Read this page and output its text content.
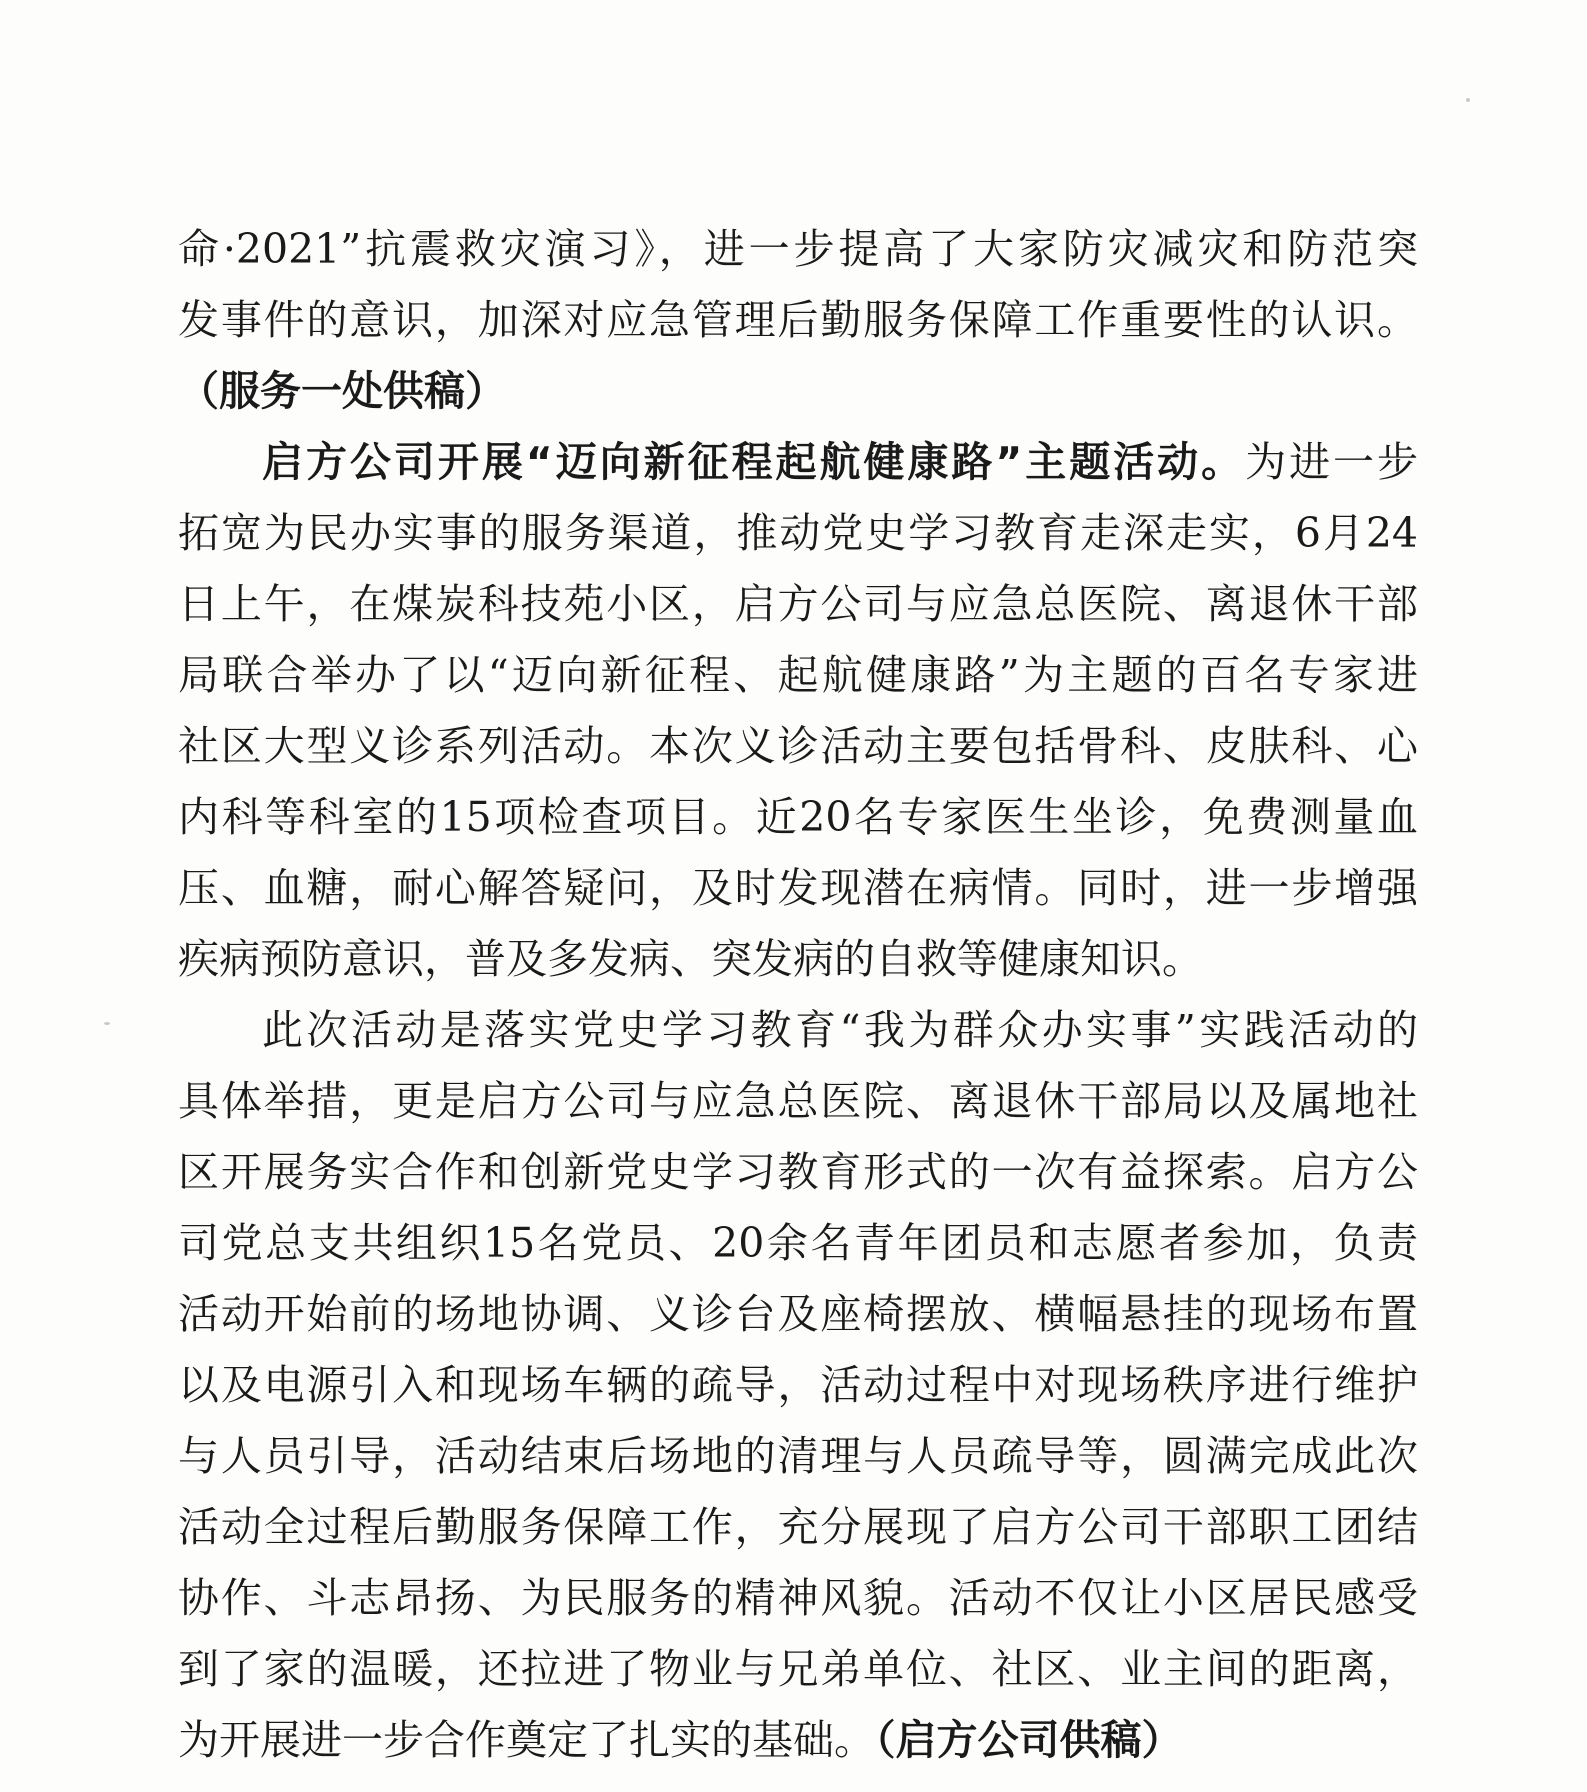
命·2021”抗震救灾演习》，进一步提高了大家防灾减灾和防范突
发事件的意识，加深对应急管理后勤服务保障工作重要性的认识。
（服务一处供稿）
启方公司开展“迈向新征程起航健康路”主题活动。为进一步
拓宽为民办实事的服务渠道，推动党史学习教育走深走实，6月24
日上午，在煤炭科技苑小区，启方公司与应急总医院、离退休干部
局联合举办了以“迈向新征程、起航健康路”为主题的百名专家进
社区大型义诊系列活动。本次义诊活动主要包括骨科、皮肤科、心
内科等科室的15项检查项目。近20名专家医生坐诊，免费测量血
压、血糖，耐心解答疑问，及时发现潜在病情。同时，进一步增强
疾病预防意识，普及多发病、突发病的自救等健康知识。
此次活动是落实党史学习教育“我为群众办实事”实践活动的
具体举措，更是启方公司与应急总医院、离退休干部局以及属地社
区开展务实合作和创新党史学习教育形式的一次有益探索。启方公
司党总支共组织15名党员、20余名青年团员和志愿者参加，负责
活动开始前的场地协调、义诊台及座椅摆放、横幅悬挂的现场布置
以及电源引入和现场车辆的疏导，活动过程中对现场秩序进行维护
与人员引导，活动结束后场地的清理与人员疏导等，圆满完成此次
活动全过程后勤服务保障工作，充分展现了启方公司干部职工团结
协作、斗志昂扬、为民服务的精神风貌。活动不仅让小区居民感受
到了家的温暖，还拉进了物业与兄弟单位、社区、业主间的距离，
为开展进一步合作奠定了扎实的基础。（启方公司供稿）
